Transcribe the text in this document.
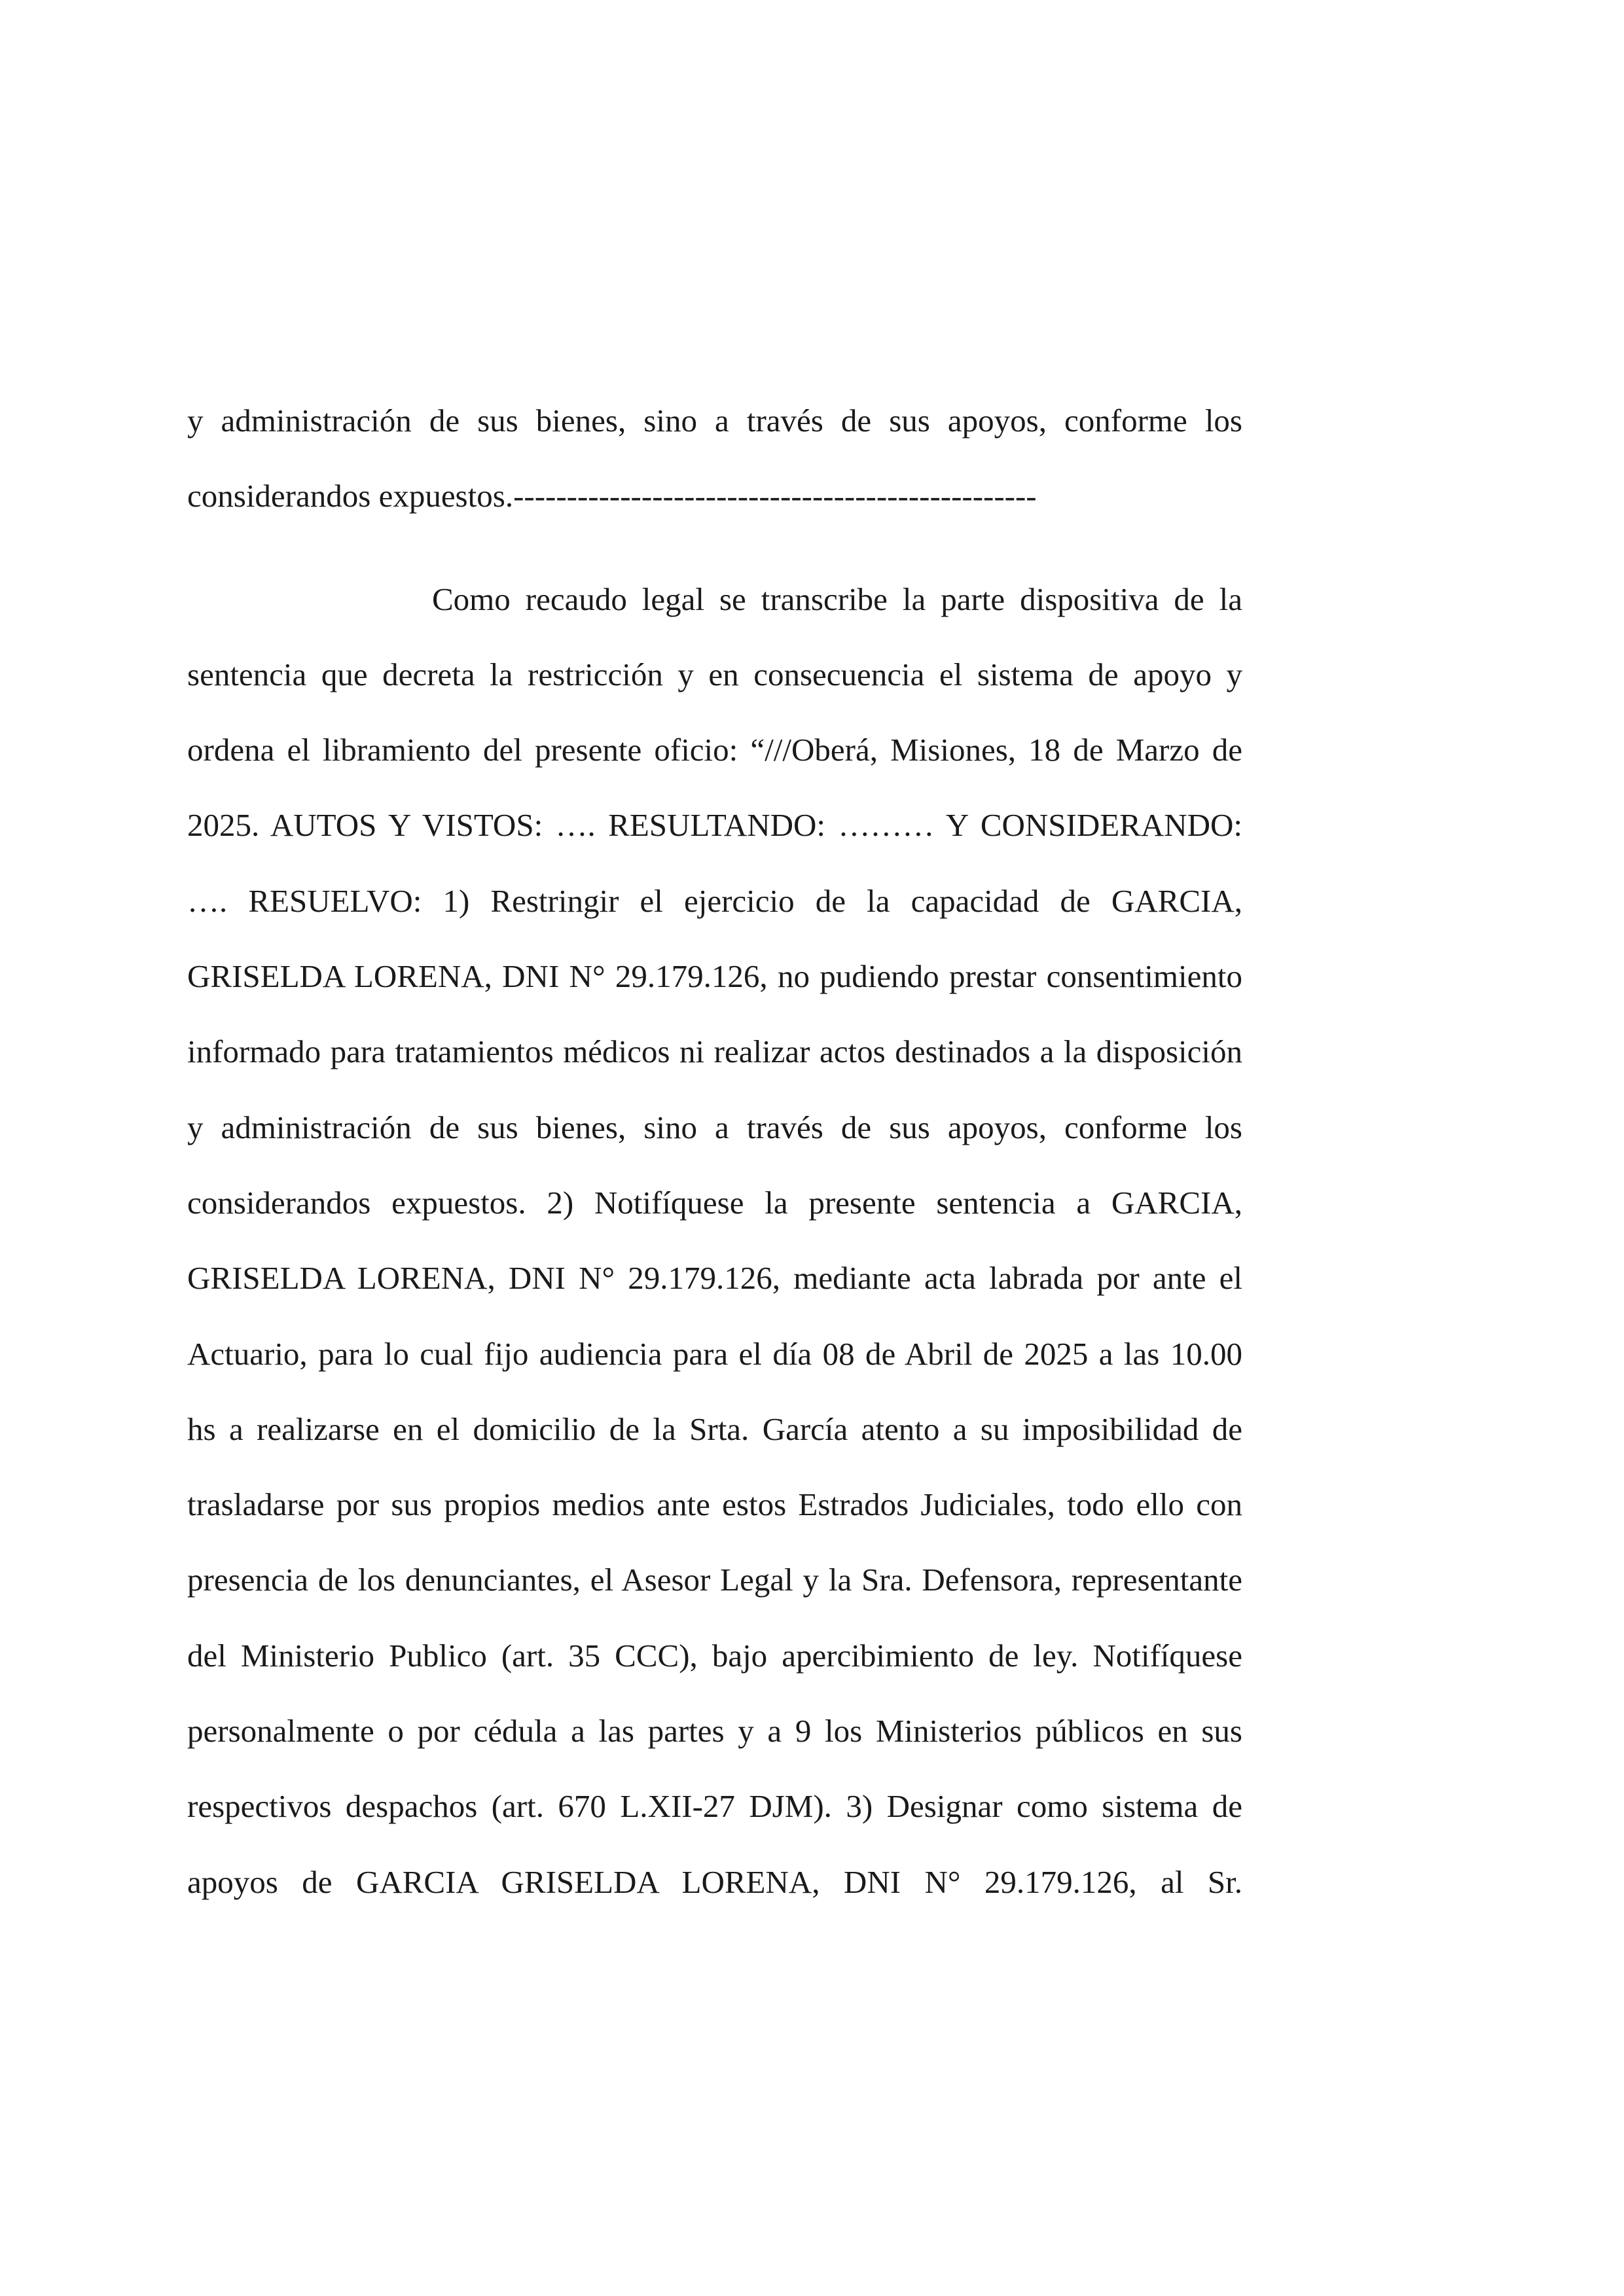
y administración de sus bienes, sino a través de sus apoyos, conforme los
considerandos expuestos.-------------------------------------------------
Como recaudo legal se transcribe la parte dispositiva de la
sentencia que decreta la restricción y en consecuencia el sistema de apoyo y
ordena el libramiento del presente oficio: “///Oberá, Misiones, 18 de Marzo de
2025. AUTOS Y VISTOS: …. RESULTANDO: ……… Y CONSIDERANDO:
…. RESUELVO: 1) Restringir el ejercicio de la capacidad de GARCIA,
GRISELDA LORENA, DNI N° 29.179.126, no pudiendo prestar consentimiento
informado para tratamientos médicos ni realizar actos destinados a la disposición
y administración de sus bienes, sino a través de sus apoyos, conforme los
considerandos expuestos. 2) Notifíquese la presente sentencia a GARCIA,
GRISELDA LORENA, DNI N° 29.179.126, mediante acta labrada por ante el
Actuario, para lo cual fijo audiencia para el día 08 de Abril de 2025 a las 10.00
hs a realizarse en el domicilio de la Srta. García atento a su imposibilidad de
trasladarse por sus propios medios ante estos Estrados Judiciales, todo ello con
presencia de los denunciantes, el Asesor Legal y la Sra. Defensora, representante
del Ministerio Publico (art. 35 CCC), bajo apercibimiento de ley. Notifíquese
personalmente o por cédula a las partes y a 9 los Ministerios públicos en sus
respectivos despachos (art. 670 L.XII-27 DJM). 3) Designar como sistema de
apoyos de GARCIA GRISELDA LORENA, DNI N° 29.179.126, al Sr.
